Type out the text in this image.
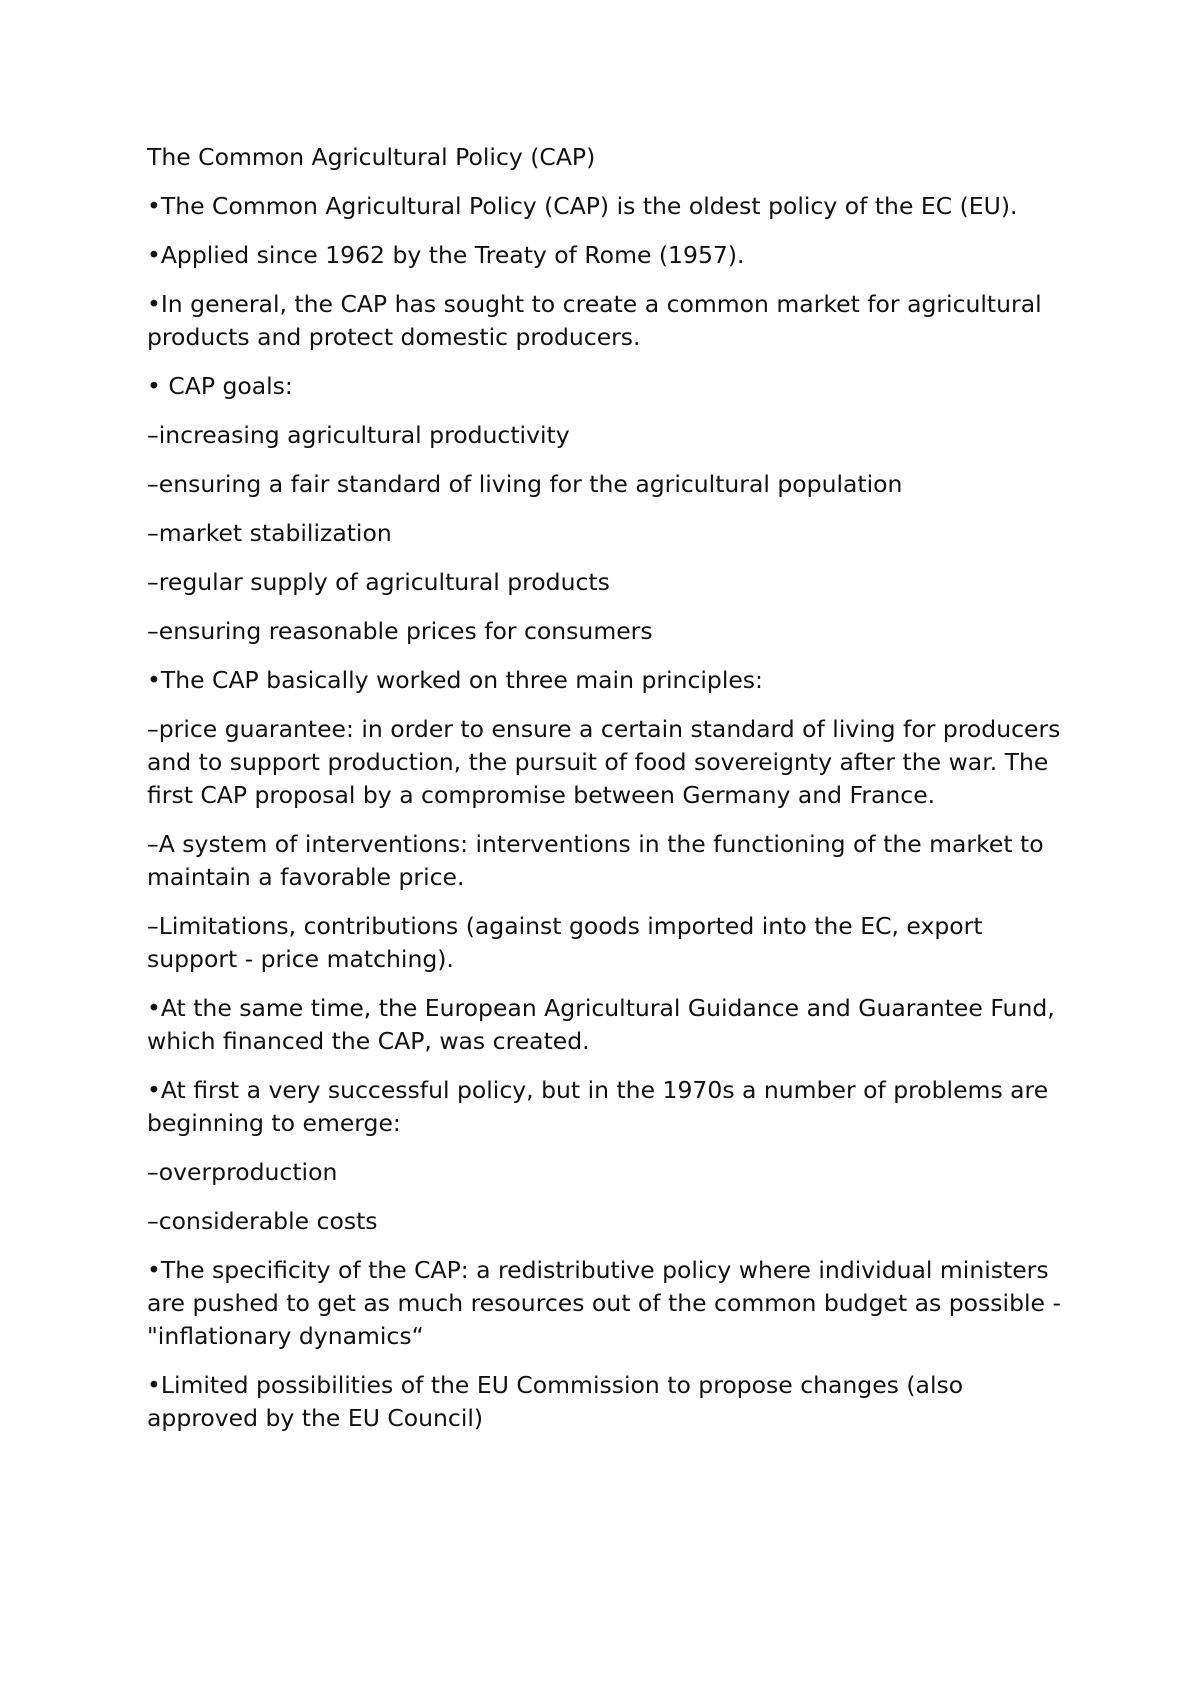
The Common Agricultural Policy (CAP)

•The Common Agricultural Policy (CAP) is the oldest policy of the EC (EU).

•Applied since 1962 by the Treaty of Rome (1957).

•In general, the CAP has sought to create a common market for agricultural products and protect domestic producers.

• CAP goals:

–increasing agricultural productivity

–ensuring a fair standard of living for the agricultural population

–market stabilization

–regular supply of agricultural products

–ensuring reasonable prices for consumers

•The CAP basically worked on three main principles:

–price guarantee: in order to ensure a certain standard of living for producers and to support production, the pursuit of food sovereignty after the war. The first CAP proposal by a compromise between Germany and France.

–A system of interventions: interventions in the functioning of the market to maintain a favorable price.

–Limitations, contributions (against goods imported into the EC, export support - price matching).

•At the same time, the European Agricultural Guidance and Guarantee Fund, which financed the CAP, was created.

•At first a very successful policy, but in the 1970s a number of problems are beginning to emerge:

–overproduction

–considerable costs

•The specificity of the CAP: a redistributive policy where individual ministers are pushed to get as much resources out of the common budget as possible - "inflationary dynamics“

•Limited possibilities of the EU Commission to propose changes (also approved by the EU Council)
